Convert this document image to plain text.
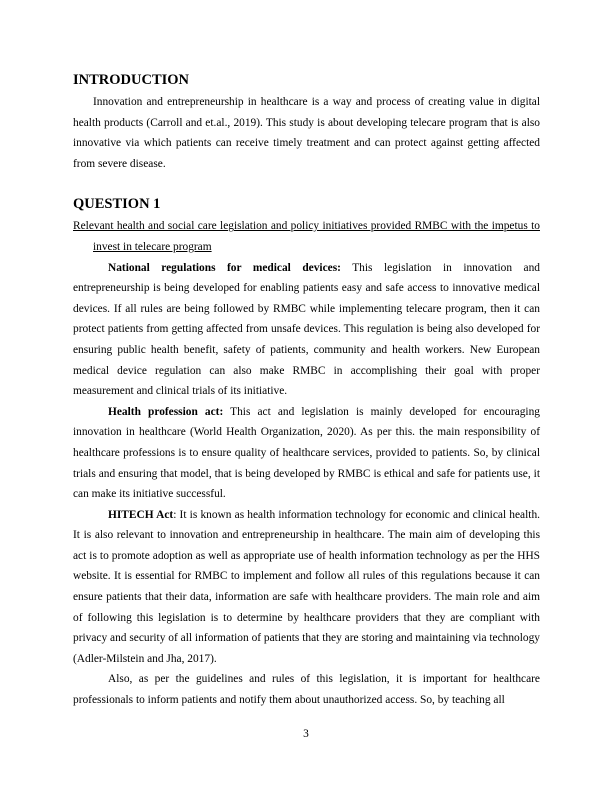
INTRODUCTION

Innovation and entrepreneurship in healthcare is a way and process of creating value in digital health products (Carroll and et.al., 2019). This study is about developing telecare program that is also innovative via which patients can receive timely treatment and can protect against getting affected from severe disease.

QUESTION 1

Relevant health and social care legislation and policy initiatives provided RMBC with the impetus to invest in telecare program

National regulations for medical devices: This legislation in innovation and entrepreneurship is being developed for enabling patients easy and safe access to innovative medical devices. If all rules are being followed by RMBC while implementing telecare program, then it can protect patients from getting affected from unsafe devices. This regulation is being also developed for ensuring public health benefit, safety of patients, community and health workers. New European medical device regulation can also make RMBC in accomplishing their goal with proper measurement and clinical trials of its initiative.

Health profession act: This act and legislation is mainly developed for encouraging innovation in healthcare (World Health Organization, 2020). As per this. the main responsibility of healthcare professions is to ensure quality of healthcare services, provided to patients. So, by clinical trials and ensuring that model, that is being developed by RMBC is ethical and safe for patients use, it can make its initiative successful.

HITECH Act: It is known as health information technology for economic and clinical health. It is also relevant to innovation and entrepreneurship in healthcare. The main aim of developing this act is to promote adoption as well as appropriate use of health information technology as per the HHS website. It is essential for RMBC to implement and follow all rules of this regulations because it can ensure patients that their data, information are safe with healthcare providers. The main role and aim of following this legislation is to determine by healthcare providers that they are compliant with privacy and security of all information of patients that they are storing and maintaining via technology (Adler-Milstein and Jha, 2017).

Also, as per the guidelines and rules of this legislation, it is important for healthcare professionals to inform patients and notify them about unauthorized access. So, by teaching all

3
